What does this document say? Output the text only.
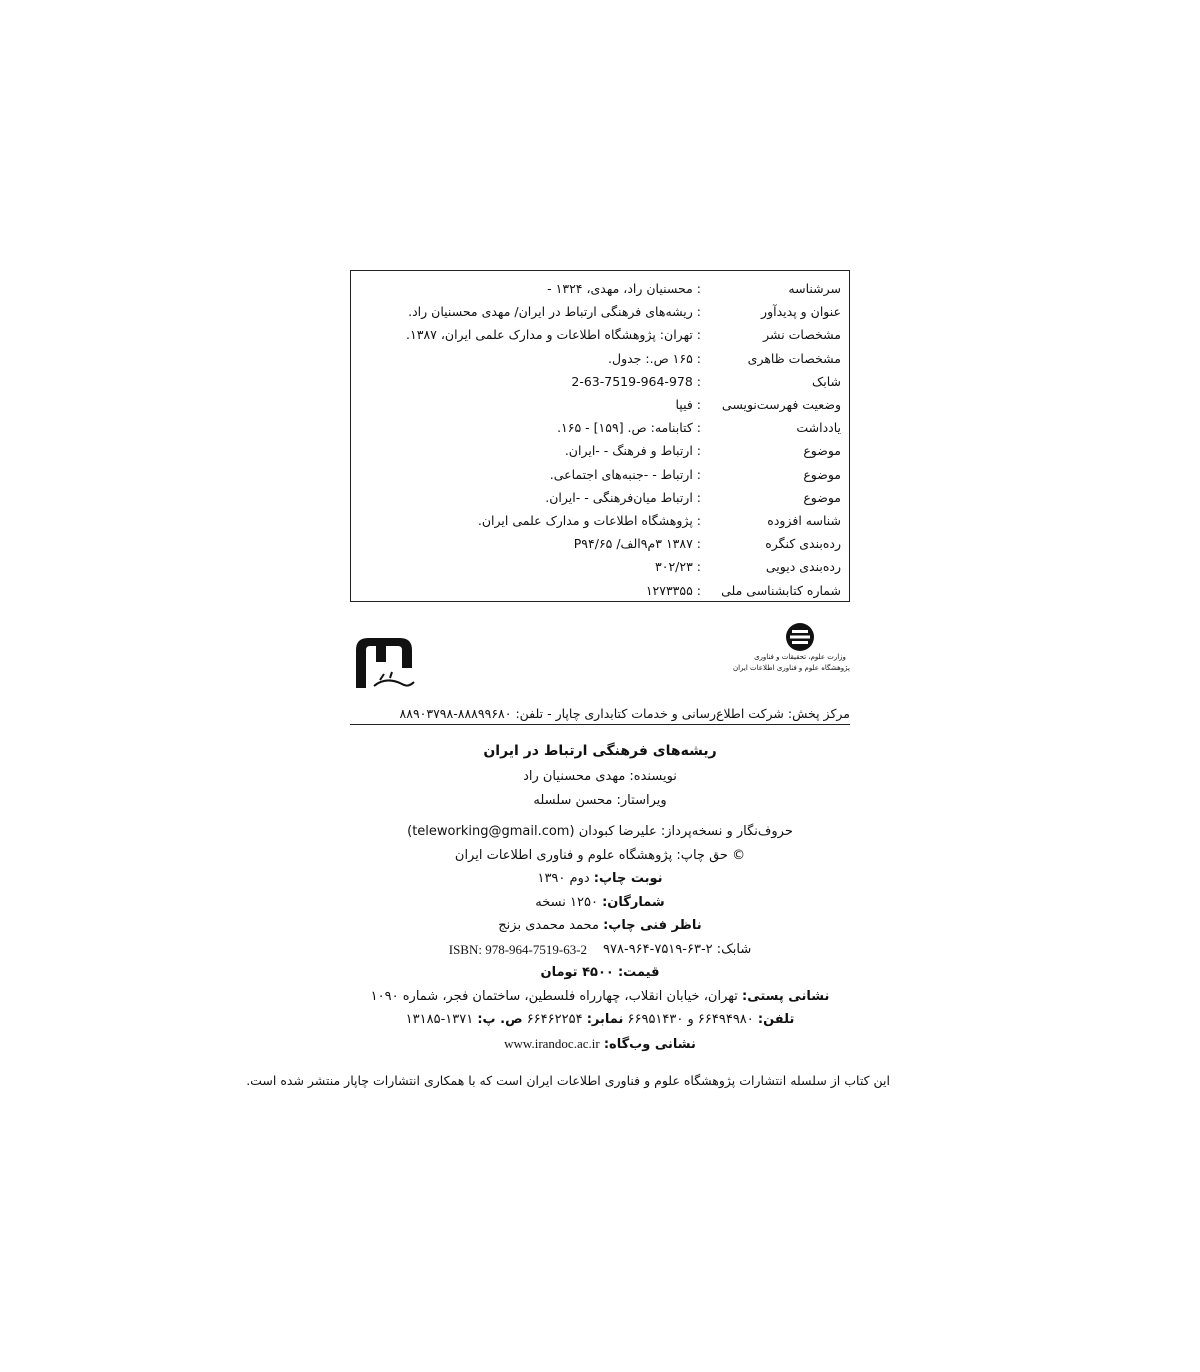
سرشناسه
: محسنیان راد، مهدی، ۱۳۲۴ -
عنوان و پدیدآور
: ریشه‌های فرهنگی ارتباط در ایران/ مهدی محسنیان راد.
مشخصات نشر
: تهران: پژوهشگاه اطلاعات و مدارک علمی ایران، ۱۳۸۷.
مشخصات ظاهری
: ۱۶۵ ص.: جدول.
شابک
: 2-63-7519-964-978
وضعیت فهرست‌نویسی
: فیپا
یادداشت
: کتابنامه: ص. [۱۵۹] - ۱۶۵.
موضوع
: ارتباط و فرهنگ - -ایران.
موضوع
: ارتباط - -جنبه‌های اجتماعی.
موضوع
: ارتباط میان‌فرهنگی - -ایران.
شناسه افزوده
: پژوهشگاه اطلاعات و مدارک علمی ایران.
رده‌بندی کنگره
: ۱۳۸۷ ۳م۹الف/ P۹۴/۶۵
رده‌بندی دیویی
: ۳۰۲/۲۳
شماره کتابشناسی ملی
: ۱۲۷۳۳۵۵
وزارت علوم، تحقیقات و فناوری
پژوهشگاه علوم و فناوری اطلاعات ایران
مرکز پخش: شرکت اطلاع‌رسانی و خدمات کتابداری چاپار - تلفن: ۸۸۸۹۹۶۸۰-۸۸۹۰۳۷۹۸
ریشه‌های فرهنگی ارتباط در ایران
نویسنده: مهدی محسنیان راد
ویراستار: محسن سلسله
حروف‌نگار و نسخه‌پرداز: علیرضا کبودان (teleworking@gmail.com)
© حق چاپ: پژوهشگاه علوم و فناوری اطلاعات ایران
نوبت چاپ: دوم ۱۳۹۰
شمارگان: ۱۲۵۰ نسخه
ناظر فنی چاپ: محمد محمدی بزنج
شابک: ۲-۶۳-۷۵۱۹-۹۶۴-۹۷۸
ISBN: 978-964-7519-63-2
قیمت: ۴۵۰۰ تومان
نشانی پستی: تهران، خیابان انقلاب، چهارراه فلسطین، ساختمان فجر، شماره ۱۰۹۰
تلفن: ۶۶۴۹۴۹۸۰ و ۶۶۹۵۱۴۳۰ نمابر: ۶۶۴۶۲۲۵۴ ص. پ: ۱۳۷۱-۱۳۱۸۵
نشانی وب‌گاه: www.irandoc.ac.ir
این کتاب از سلسله انتشارات پژوهشگاه علوم و فناوری اطلاعات ایران است که با همکاری انتشارات چاپار منتشر شده است.
